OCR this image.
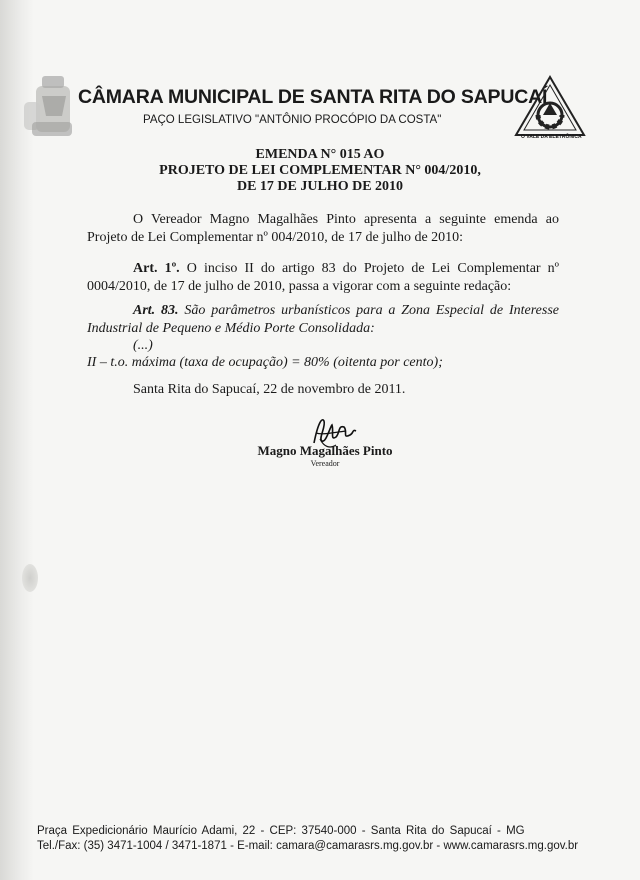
CÂMARA MUNICIPAL DE SANTA RITA DO SAPUCAÍ
PAÇO LEGISLATIVO "ANTÔNIO PROCÓPIO DA COSTA"
O VALE DA ELETRÔNICA
EMENDA N° 015 AO
PROJETO DE LEI COMPLEMENTAR N° 004/2010,
DE 17 DE JULHO DE 2010
O Vereador Magno Magalhães Pinto apresenta a seguinte emenda ao Projeto de Lei Complementar nº 004/2010, de 17 de julho de 2010:
Art. 1º. O inciso II do artigo 83 do Projeto de Lei Complementar nº 0004/2010, de 17 de julho de 2010, passa a vigorar com a seguinte redação:
Art. 83. São parâmetros urbanísticos para a Zona Especial de Interesse Industrial de Pequeno e Médio Porte Consolidada:
(...)
II – t.o. máxima (taxa de ocupação) = 80% (oitenta por cento);
Santa Rita do Sapucaí, 22 de novembro de 2011.
Magno Magalhães Pinto
Vereador
Praça Expedicionário Maurício Adami, 22 - CEP: 37540-000 - Santa Rita do Sapucaí - MG
Tel./Fax: (35) 3471-1004 / 3471-1871 - E-mail: camara@camarasrs.mg.gov.br - www.camarasrs.mg.gov.br
